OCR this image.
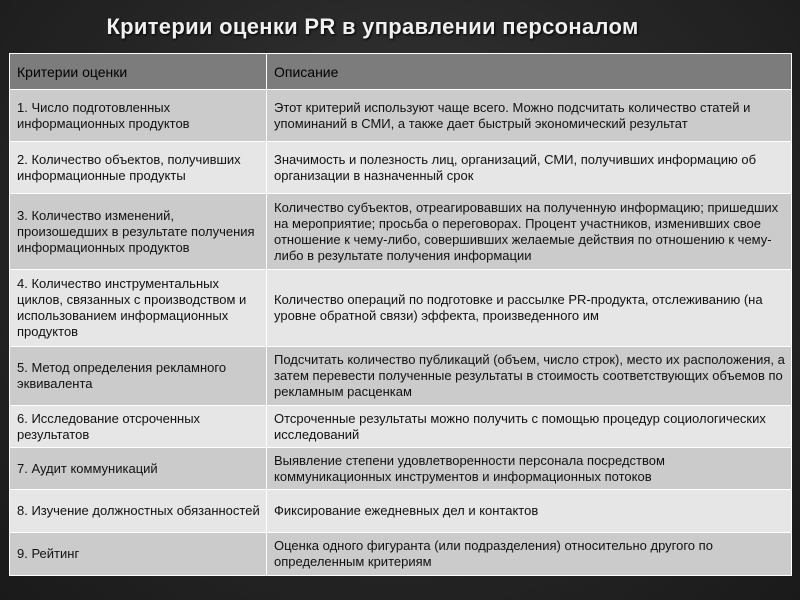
Критерии оценки PR в управлении персоналом
Критерии оценки	Описание
1. Число подготовленных информационных продуктов	Этот критерий используют чаще всего. Можно подсчитать количество статей и упоминаний в СМИ, а также дает быстрый экономический результат
2. Количество объектов, получивших информационные продукты	Значимость и полезность лиц, организаций, СМИ, получивших информацию об организации в назначенный срок
3. Количество изменений, произошедших в результате получения информационных продуктов	Количество субъектов, отреагировавших на полученную информацию; пришедших на мероприятие; просьба о переговорах. Процент участников, изменивших свое отношение к чему-либо, совершивших желаемые действия по отношению к чему-либо в результате получения информации
4. Количество инструментальных циклов, связанных с производством и использованием информационных продуктов	Количество операций по подготовке и рассылке PR-продукта, отслеживанию (на уровне обратной связи) эффекта, произведенного им
5. Метод определения рекламного эквивалента	Подсчитать количество публикаций (объем, число строк), место их расположения, а затем перевести полученные результаты в стоимость соответствующих объемов по рекламным расценкам
6. Исследование отсроченных результатов	Отсроченные результаты можно получить с помощью процедур социологических исследований
7. Аудит коммуникаций	Выявление степени удовлетворенности персонала посредством коммуникационных инструментов и информационных потоков
8. Изучение должностных обязанностей	Фиксирование ежедневных дел и контактов
9. Рейтинг	Оценка одного фигуранта (или подразделения) относительно другого по определенным критериям
